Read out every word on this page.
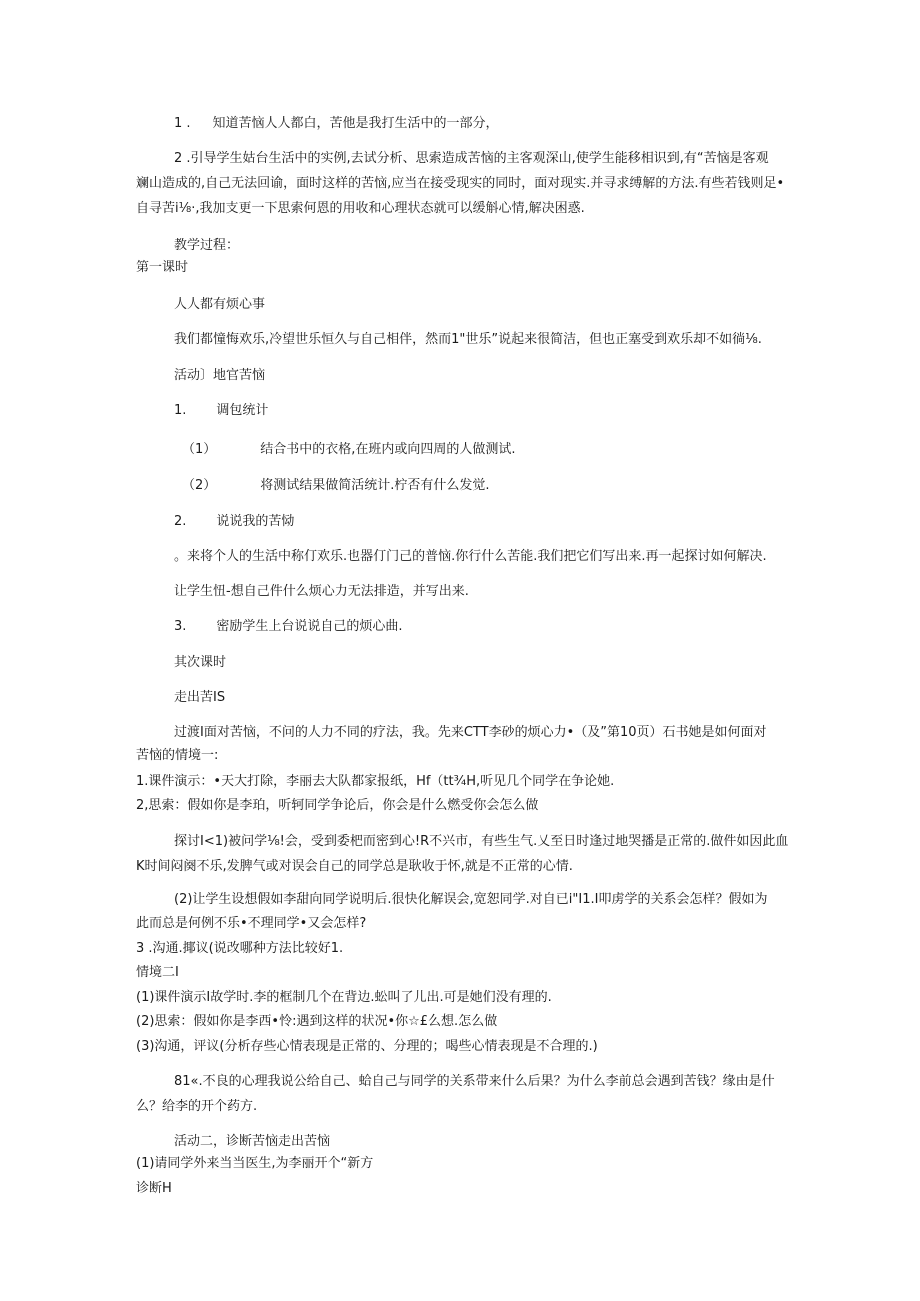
1 . 知道苦恼人人都白，苦他是我打生活中的一部分，
2 .引导学生姑台生活中的实例,去试分析、思索造成苦恼的主客观深山,使学生能移相识到,有“苦恼是客观
斓山造成的,自己无法回谕，面时这样的苦恼,应当在接受现实的同时，面对现实.并寻求缚解的方法.有些若钱则足•
自寻苦i⅛·,我加支更一下思索何恩的用收和心理状态就可以缓斛心情,解决困惑.
教学过程：
第一课时
人人都有烦心事
我们都憧悔欢乐,冷望世乐恒久与自己相伴，然而1"世乐”说起来很简洁，但也正塞受到欢乐却不如徜⅛.
活动〕地官苦恼
1. 调包统计
（1）	结合书中的衣格,在班内或向四周的人做测试.
（2）	将测试结果做简活统计.柠否有什么发觉.
2. 说说我的苦恸
。来将个人的生活中称仃欢乐.也器仃门己的普恼.你行什么苦能.我们把它们写出来.再一起探讨如何解决.
让学生忸-想自己件什么烦心力无法排造，并写出来.
3. 密励学生上台说说自己的烦心曲.
其次课时
走出苦IS
过渡I面对苦恼，不问的人力不同的疗法，我。先来CTT李砂的烦心力•（及”第10页）石书她是如何面对
苦恼的情境一:
1.课件演示：•天大打除，李丽去大队都家报纸，Hf（tt¾H,听见几个同学在争论她.
2,思索：假如你是李珀，听轲同学争论后，你会是什么燃受你会怎么做
探讨I<1)被问学⅛!会，受到委杷而密到心!R不兴市，有些生气.乂至日时逢过地哭播是正常的.做件如因此血
K时间闷阕不乐,发脾气或对误会自己的同学总是耿收于怀,就是不正常的心情.
(2)让学生设想假如李甜向同学说明后.很快化解误会,宽恕同学.对自已i"I1.I叩虏学的关系会怎样？假如为
此而总是何例不乐•不理同学•又会怎样?
3 .沟通.揶议(说改哪种方法比较好1.
情境二I
(1)课件演示I故学时.李的框制几个在背边.蚣叫了儿出.可是她们没有理的.
(2)思索：假如你是李西•怜:遇到这样的状况•你☆£么想.怎么做
(3)沟通，评议(分析存些心情表现是正常的、分理的；喝些心情表现是不合理的.)
81«.不良的心理我说公给自己、蛤自己与同学的关系带来什么后果？为什么李前总会遇到苦钱？缘由是什
么？给李的开个药方.
活动二，诊断苦恼走出苦恼
(1)请同学外来当当医生,为李丽开个“新方
诊断H
